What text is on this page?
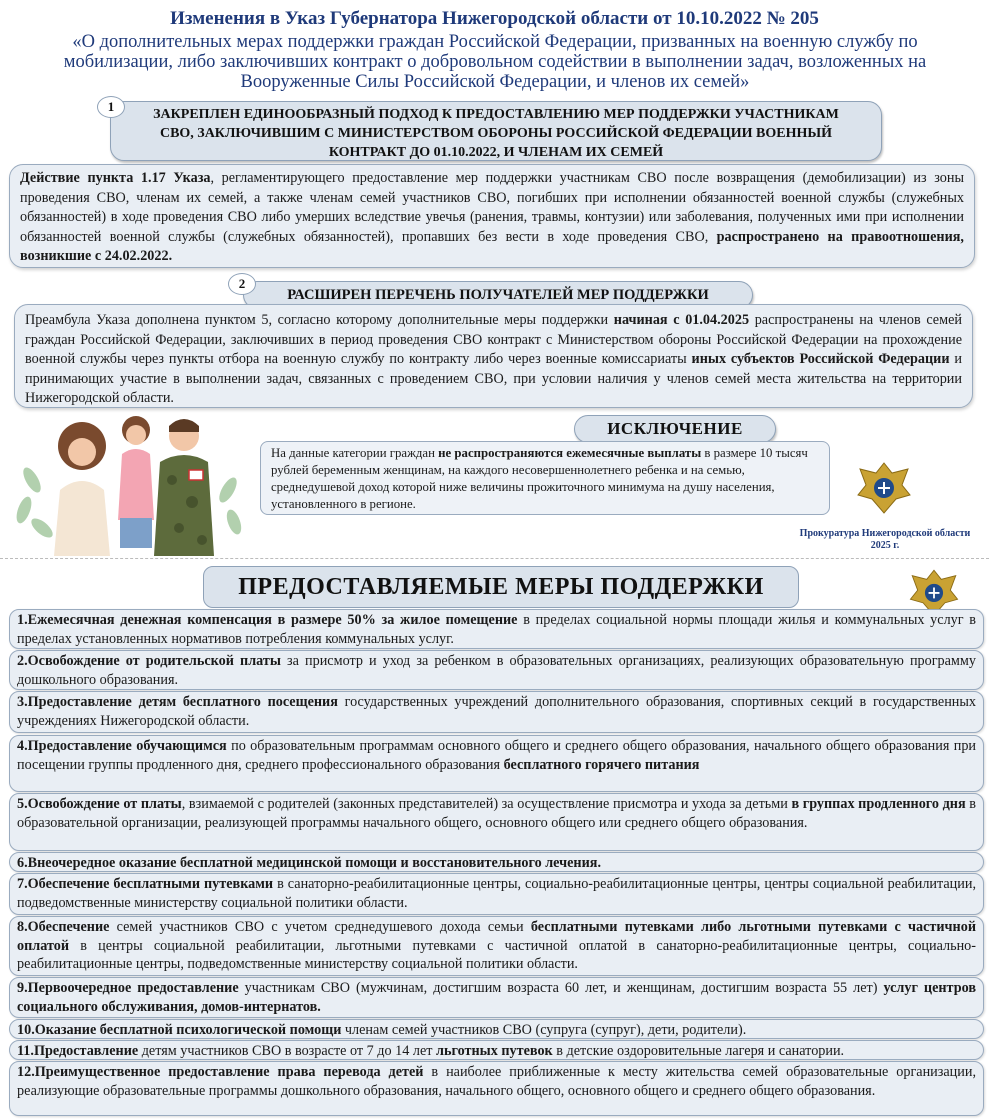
Изменения в Указ Губернатора Нижегородской области от 10.10.2022 № 205
«О дополнительных мерах поддержки граждан Российской Федерации, призванных на военную службу по мобилизации, либо заключивших контракт о добровольном содействии в выполнении задач, возложенных на Вооруженные Силы Российской Федерации, и членов их семей»
ЗАКРЕПЛЕН ЕДИНООБРАЗНЫЙ ПОДХОД К ПРЕДОСТАВЛЕНИЮ МЕР ПОДДЕРЖКИ УЧАСТНИКАМ СВО, ЗАКЛЮЧИВШИМ С МИНИСТЕРСТВОМ ОБОРОНЫ РОССИЙСКОЙ ФЕДЕРАЦИИ ВОЕННЫЙ КОНТРАКТ ДО 01.10.2022, И ЧЛЕНАМ ИХ СЕМЕЙ
1
Действие пункта 1.17 Указа, регламентирующего предоставление мер поддержки участникам СВО после возвращения (демобилизации) из зоны проведения СВО, членам их семей, а также членам семей участников СВО, погибших при исполнении обязанностей военной службы (служебных обязанностей) в ходе проведения СВО либо умерших вследствие увечья (ранения, травмы, контузии) или заболевания, полученных ими при исполнении обязанностей военной службы (служебных обязанностей), пропавших без вести в ходе проведения СВО, распространено на правоотношения, возникшие с 24.02.2022.
РАСШИРЕН ПЕРЕЧЕНЬ ПОЛУЧАТЕЛЕЙ МЕР ПОДДЕРЖКИ
2
Преамбула Указа дополнена пунктом 5, согласно которому дополнительные меры поддержки начиная с 01.04.2025 распространены на членов семей граждан Российской Федерации, заключивших в период проведения СВО контракт с Министерством обороны Российской Федерации на прохождение военной службы через пункты отбора на военную службу по контракту либо через военные комиссариаты иных субъектов Российской Федерации и принимающих участие в выполнении задач, связанных с проведением СВО, при условии наличия у членов семей места жительства на территории Нижегородской области.
ИСКЛЮЧЕНИЕ
На данные категории граждан не распространяются ежемесячные выплаты в размере 10 тысяч рублей беременным женщинам, на каждого несовершеннолетнего ребенка и на семью, среднедушевой доход которой ниже величины прожиточного минимума на душу населения, установленного в регионе.
Прокуратура Нижегородской области
2025 г.
ПРЕДОСТАВЛЯЕМЫЕ МЕРЫ ПОДДЕРЖКИ
1.Ежемесячная денежная компенсация в размере 50% за жилое помещение в пределах социальной нормы площади жилья и коммунальных услуг в пределах установленных нормативов потребления коммунальных услуг.
2.Освобождение от родительской платы за присмотр и уход за ребенком в образовательных организациях, реализующих образовательную программу дошкольного образования.
3.Предоставление детям бесплатного посещения государственных учреждений дополнительного образования, спортивных секций в государственных учреждениях Нижегородской области.
4.Предоставление обучающимся по образовательным программам основного общего и среднего общего образования, начального общего образования при посещении группы продленного дня, среднего профессионального образования бесплатного горячего питания
5.Освобождение от платы, взимаемой с родителей (законных представителей) за осуществление присмотра и ухода за детьми в группах продленного дня в образовательной организации, реализующей программы начального общего, основного общего или среднего общего образования.
6.Внеочередное оказание бесплатной медицинской помощи и восстановительного лечения.
7.Обеспечение бесплатными путевками в санаторно-реабилитационные центры, социально-реабилитационные центры, центры социальной реабилитации, подведомственные министерству социальной политики области.
8.Обеспечение семей участников СВО с учетом среднедушевого дохода семьи бесплатными путевками либо льготными путевками с частичной оплатой в центры социальной реабилитации, льготными путевками с частичной оплатой в санаторно-реабилитационные центры, социально-реабилитационные центры, подведомственные министерству социальной политики области.
9.Первоочередное предоставление участникам СВО (мужчинам, достигшим возраста 60 лет, и женщинам, достигшим возраста 55 лет) услуг центров социального обслуживания, домов-интернатов.
10.Оказание бесплатной психологической помощи членам семей участников СВО (супруга (супруг), дети, родители).
11.Предоставление детям участников СВО в возрасте от 7 до 14 лет льготных путевок в детские оздоровительные лагеря и санатории.
12.Преимущественное предоставление права перевода детей в наиболее приближенные к месту жительства семей образовательные организации, реализующие образовательные программы дошкольного образования, начального общего, основного общего и среднего общего образования.
